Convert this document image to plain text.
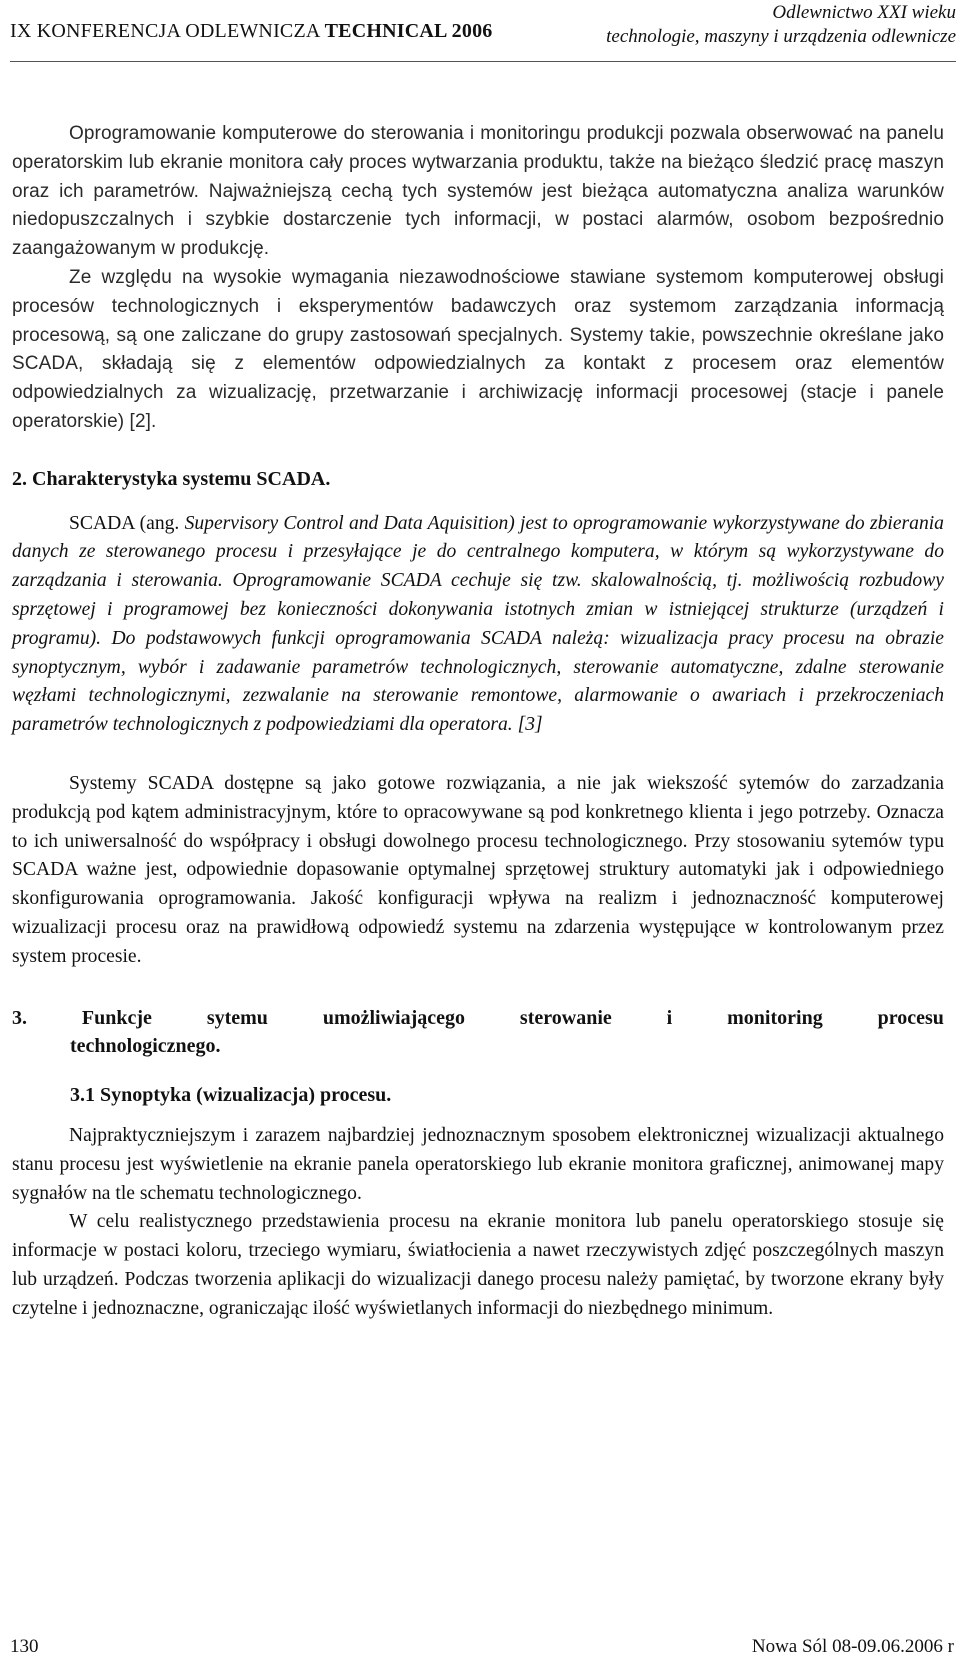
IX KONFERENCJA ODLEWNICZA TECHNICAL 2006
Odlewnictwo XXI wieku
technologie, maszyny i urządzenia odlewnicze

Oprogramowanie komputerowe do sterowania i monitoringu produkcji pozwala obserwować na panelu operatorskim lub ekranie monitora cały proces wytwarzania produktu, także na bieżąco śledzić pracę maszyn oraz ich parametrów. Najważniejszą cechą tych systemów jest bieżąca automatyczna analiza warunków niedopuszczalnych i szybkie dostarczenie tych informacji, w postaci alarmów, osobom bezpośrednio zaangażowanym w produkcję.

Ze względu na wysokie wymagania niezawodnościowe stawiane systemom komputerowej obsługi procesów technologicznych i eksperymentów badawczych oraz systemom zarządzania informacją procesową, są one zaliczane do grupy zastosowań specjalnych. Systemy takie, powszechnie określane jako SCADA, składają się z elementów odpowiedzialnych za kontakt z procesem oraz elementów odpowiedzialnych za wizualizację, przetwarzanie i archiwizację informacji procesowej (stacje i panele operatorskie) [2].

2. Charakterystyka systemu SCADA.

SCADA (ang. Supervisory Control and Data Aquisition) jest to oprogramowanie wykorzystywane do zbierania danych ze sterowanego procesu i przesyłające je do centralnego komputera, w którym są wykorzystywane do zarządzania i sterowania. Oprogramowanie SCADA cechuje się tzw. skalowalnością, tj. możliwością rozbudowy sprzętowej i programowej bez konieczności dokonywania istotnych zmian w istniejącej strukturze (urządzeń i programu). Do podstawowych funkcji oprogramowania SCADA należą: wizualizacja pracy procesu na obrazie synoptycznym, wybór i zadawanie parametrów technologicznych, sterowanie automatyczne, zdalne sterowanie węzłami technologicznymi, zezwalanie na sterowanie remontowe, alarmowanie o awariach i przekroczeniach parametrów technologicznych z podpowiedziami dla operatora. [3]

Systemy SCADA dostępne są jako gotowe rozwiązania, a nie jak wiekszość sytemów do zarzadzania produkcją pod kątem administracyjnym, które to opracowywane są pod konkretnego klienta i jego potrzeby. Oznacza to ich uniwersalność do współpracy i obsługi dowolnego procesu technologicznego. Przy stosowaniu sytemów typu SCADA ważne jest, odpowiednie dopasowanie optymalnej sprzętowej struktury automatyki jak i odpowiedniego skonfigurowania oprogramowania. Jakość konfiguracji wpływa na realizm i jednoznaczność komputerowej wizualizacji procesu oraz na prawidłową odpowiedź systemu na zdarzenia występujące w kontrolowanym przez system procesie.

3.	Funkcje	sytemu	umożliwiającego	sterowanie	i	monitoring	procesu
technologicznego.
3.1 Synoptyka (wizualizacja) procesu.

Najpraktyczniejszym i zarazem najbardziej jednoznacznym sposobem elektronicznej wizualizacji aktualnego stanu procesu jest wyświetlenie na ekranie panela operatorskiego lub ekranie monitora graficznej, animowanej mapy sygnałów na tle schematu technologicznego.

W celu realistycznego przedstawienia procesu na ekranie monitora lub panelu operatorskiego stosuje się informacje w postaci koloru, trzeciego wymiaru, światłocienia a nawet rzeczywistych zdjęć poszczególnych maszyn lub urządzeń. Podczas tworzenia aplikacji do wizualizacji danego procesu należy pamiętać, by tworzone ekrany były czytelne i jednoznaczne, ograniczając ilość wyświetlanych informacji do niezbędnego minimum.

130	Nowa Sól 08-09.06.2006 r
